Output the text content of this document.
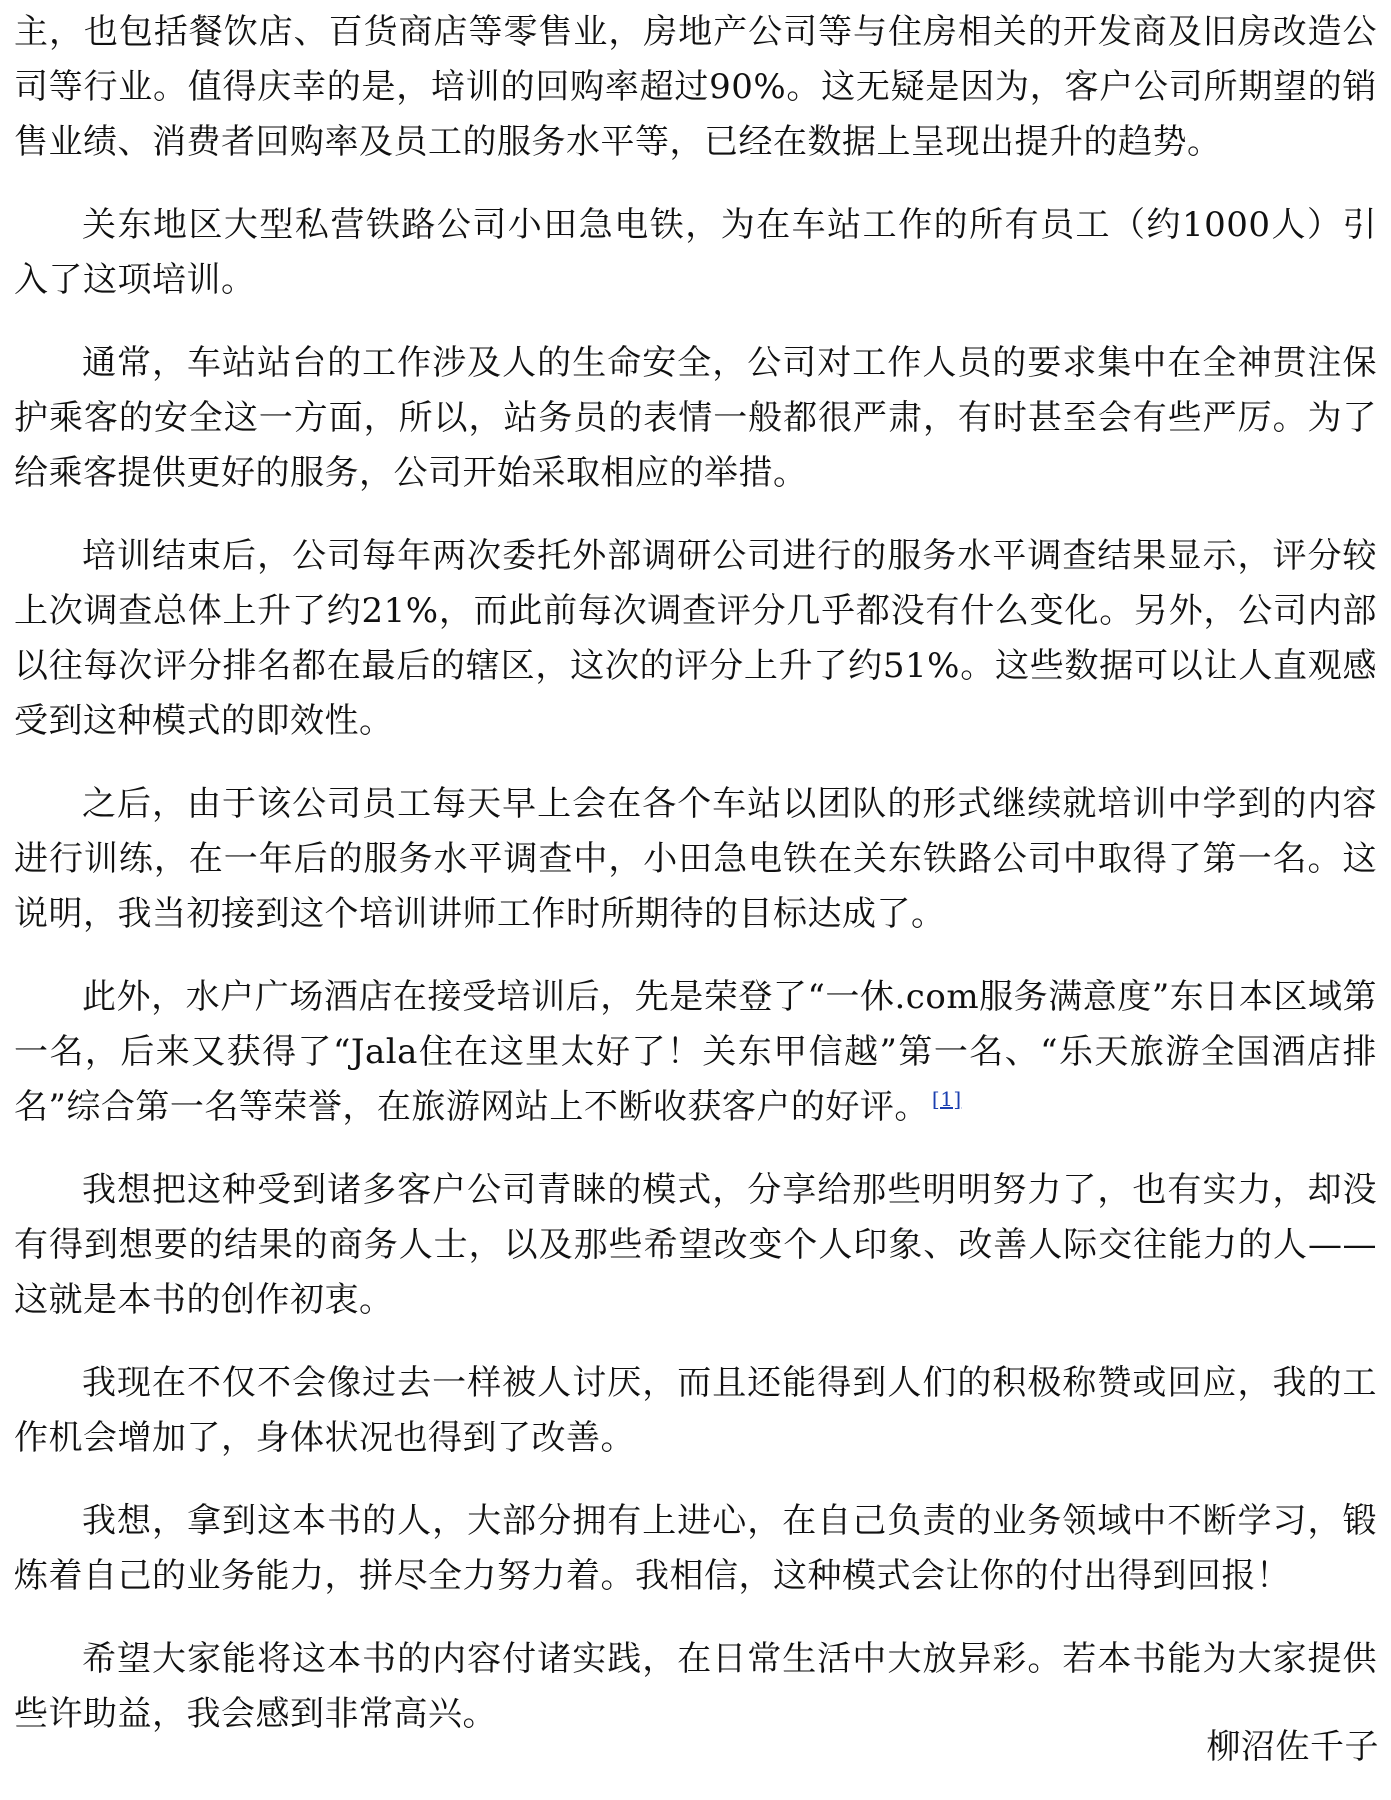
主，也包括餐饮店、百货商店等零售业，房地产公司等与住房相关的开发商及旧房改造公司等行业。值得庆幸的是，培训的回购率超过90%。这无疑是因为，客户公司所期望的销售业绩、消费者回购率及员工的服务水平等，已经在数据上呈现出提升的趋势。

关东地区大型私营铁路公司小田急电铁，为在车站工作的所有员工（约1000人）引入了这项培训。

通常，车站站台的工作涉及人的生命安全，公司对工作人员的要求集中在全神贯注保护乘客的安全这一方面，所以，站务员的表情一般都很严肃，有时甚至会有些严厉。为了给乘客提供更好的服务，公司开始采取相应的举措。

培训结束后，公司每年两次委托外部调研公司进行的服务水平调查结果显示，评分较上次调查总体上升了约21%，而此前每次调查评分几乎都没有什么变化。另外，公司内部以往每次评分排名都在最后的辖区，这次的评分上升了约51%。这些数据可以让人直观感受到这种模式的即效性。

之后，由于该公司员工每天早上会在各个车站以团队的形式继续就培训中学到的内容进行训练，在一年后的服务水平调查中，小田急电铁在关东铁路公司中取得了第一名。这说明，我当初接到这个培训讲师工作时所期待的目标达成了。

此外，水户广场酒店在接受培训后，先是荣登了“一休.com服务满意度”东日本区域第一名，后来又获得了“Jala住在这里太好了！关东甲信越”第一名、“乐天旅游全国酒店排名”综合第一名等荣誉，在旅游网站上不断收获客户的好评。 [1]

我想把这种受到诸多客户公司青睐的模式，分享给那些明明努力了，也有实力，却没有得到想要的结果的商务人士，以及那些希望改变个人印象、改善人际交往能力的人——这就是本书的创作初衷。

我现在不仅不会像过去一样被人讨厌，而且还能得到人们的积极称赞或回应，我的工作机会增加了，身体状况也得到了改善。

我想，拿到这本书的人，大部分拥有上进心，在自己负责的业务领域中不断学习，锻炼着自己的业务能力，拼尽全力努力着。我相信，这种模式会让你的付出得到回报！

希望大家能将这本书的内容付诸实践，在日常生活中大放异彩。若本书能为大家提供些许助益，我会感到非常高兴。

柳沼佐千子
